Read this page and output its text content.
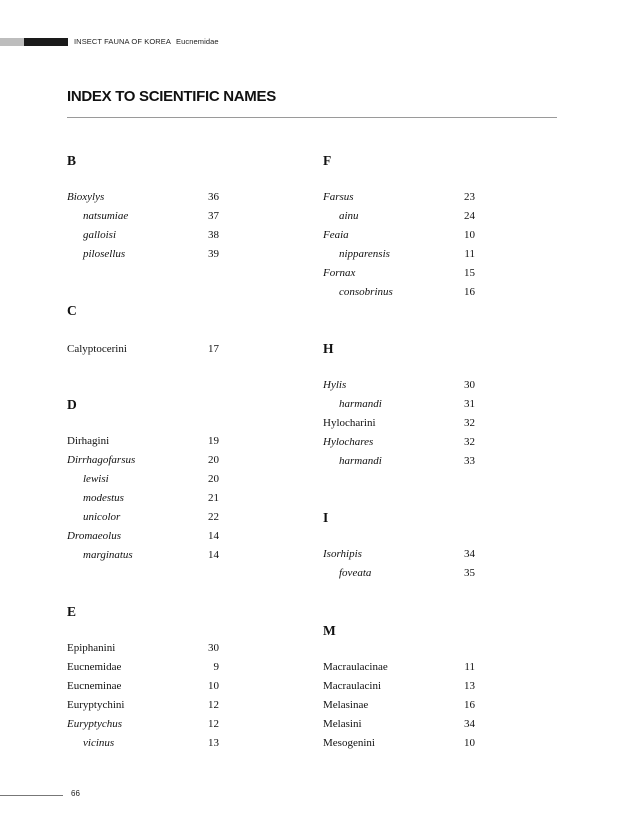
INSECT FAUNA OF KOREA Eucnemidae
INDEX TO SCIENTIFIC NAMES
B
Bioxylys	36
natsumiae	37
galloisi	38
pilosellus	39
C
Calyptocerini	17
D
Dirhagini	19
Dirrhagofarsus	20
lewisi	20
modestus	21
unicolor	22
Dromaeolus	14
marginatus	14
E
Epiphanini	30
Eucnemidae	9
Eucneminae	10
Euryptychini	12
Euryptychus	12
vicinus	13
F
Farsus	23
ainu	24
Feaia	10
nipparensis	11
Fornax	15
consobrinus	16
H
Hylis	30
harmandi	31
Hylocharini	32
Hylochares	32
harmandi	33
I
Isorhipis	34
foveata	35
M
Macraulacinae	11
Macraulacini	13
Melasinae	16
Melasini	34
Mesogenini	10
66
